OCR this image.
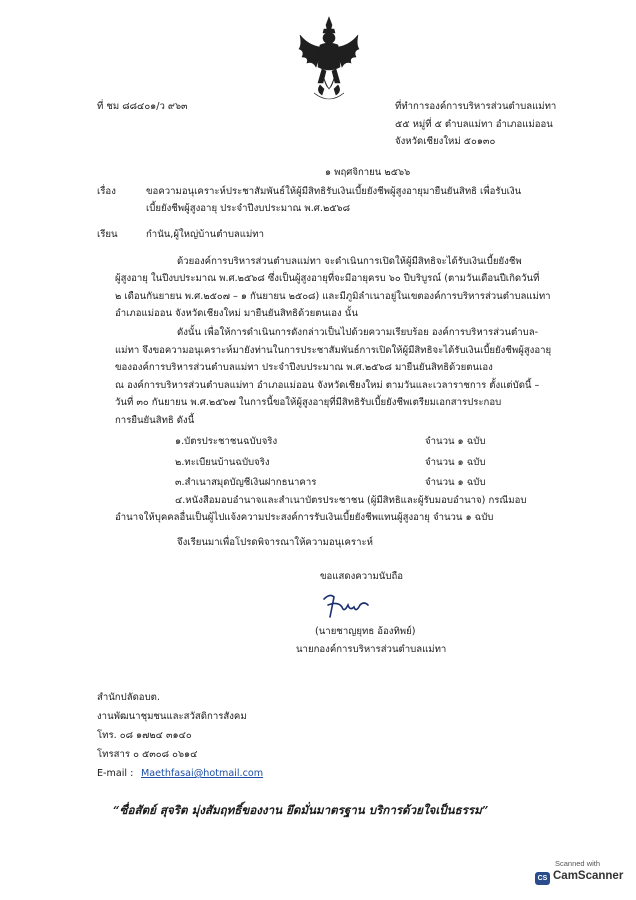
ที่ ชม ๘๘๔๐๑/ว ๙๖๓	ที่ทำการองค์การบริหารส่วนตำบลแม่ทา
๕๕ หมู่ที่ ๕ ตำบลแม่ทา อำเภอแม่ออน
จังหวัดเชียงใหม่ ๕๐๑๓๐
๑ พฤศจิกายน ๒๕๖๖
เรื่อง	ขอความอนุเคราะห์ประชาสัมพันธ์ให้ผู้มีสิทธิรับเงินเบี้ยยังชีพผู้สูงอายุมายืนยันสิทธิ เพื่อรับเงิน
เบี้ยยังชีพผู้สูงอายุ ประจำปีงบประมาณ พ.ศ.๒๕๖๘
เรียน	กำนัน,ผู้ใหญ่บ้านตำบลแม่ทา
ด้วยองค์การบริหารส่วนตำบลแม่ทา จะดำเนินการเปิดให้ผู้มีสิทธิจะได้รับเงินเบี้ยยังชีพ
ผู้สูงอายุ ในปีงบประมาณ พ.ศ.๒๕๖๘ ซึ่งเป็นผู้สูงอายุที่จะมีอายุครบ ๖๐ ปีบริบูรณ์ (ตามวันเดือนปีเกิดวันที่
๒ เดือนกันยายน พ.ศ.๒๕๐๗ – ๑ กันยายน ๒๕๐๘) และมีภูมิลำเนาอยู่ในเขตองค์การบริหารส่วนตำบลแม่ทา
อำเภอแม่ออน จังหวัดเชียงใหม่ มายืนยันสิทธิด้วยตนเอง นั้น
ดังนั้น เพื่อให้การดำเนินการดังกล่าวเป็นไปด้วยความเรียบร้อย องค์การบริหารส่วนตำบล-
แม่ทา จึงขอความอนุเคราะห์มายังท่านในการประชาสัมพันธ์การเปิดให้ผู้มีสิทธิจะได้รับเงินเบี้ยยังชีพผู้สูงอายุ
ขององค์การบริหารส่วนตำบลแม่ทา ประจำปีงบประมาณ พ.ศ.๒๕๖๘ มายืนยันสิทธิด้วยตนเอง
ณ องค์การบริหารส่วนตำบลแม่ทา อำเภอแม่ออน จังหวัดเชียงใหม่ ตามวันและเวลาราชการ ตั้งแต่บัดนี้ –
วันที่ ๓๐ กันยายน พ.ศ.๒๕๖๗ ในการนี้ขอให้ผู้สูงอายุที่มีสิทธิรับเบี้ยยังชีพเตรียมเอกสารประกอบ
การยืนยันสิทธิ ดังนี้
๑.บัตรประชาชนฉบับจริง	จำนวน ๑ ฉบับ
๒.ทะเบียนบ้านฉบับจริง	จำนวน ๑ ฉบับ
๓.สำเนาสมุดบัญชีเงินฝากธนาคาร	จำนวน ๑ ฉบับ
๔.หนังสือมอบอำนาจและสำเนาบัตรประชาชน (ผู้มีสิทธิและผู้รับมอบอำนาจ) กรณีมอบ
อำนาจให้บุคคลอื่นเป็นผู้ไปแจ้งความประสงค์การรับเงินเบี้ยยังชีพแทนผู้สูงอายุ จำนวน ๑ ฉบับ
จึงเรียนมาเพื่อโปรดพิจารณาให้ความอนุเคราะห์
ขอแสดงความนับถือ
(นายชาญยุทธ อ้องทิพย์)
นายกองค์การบริหารส่วนตำบลแม่ทา
สำนักปลัดอบต.
งานพัฒนาชุมชนและสวัสดิการสังคม
โทร. ๐๘ ๑๗๒๔ ๓๑๔๐
โทรสาร ๐ ๕๓๐๘ ๐๖๑๔
E-mail : Maethfasai@hotmail.com
“ซื่อสัตย์ สุจริต มุ่งสัมฤทธิ์ของงาน ยึดมั่นมาตรฐาน บริการด้วยใจเป็นธรรม”
Scanned with
CS CamScanner
